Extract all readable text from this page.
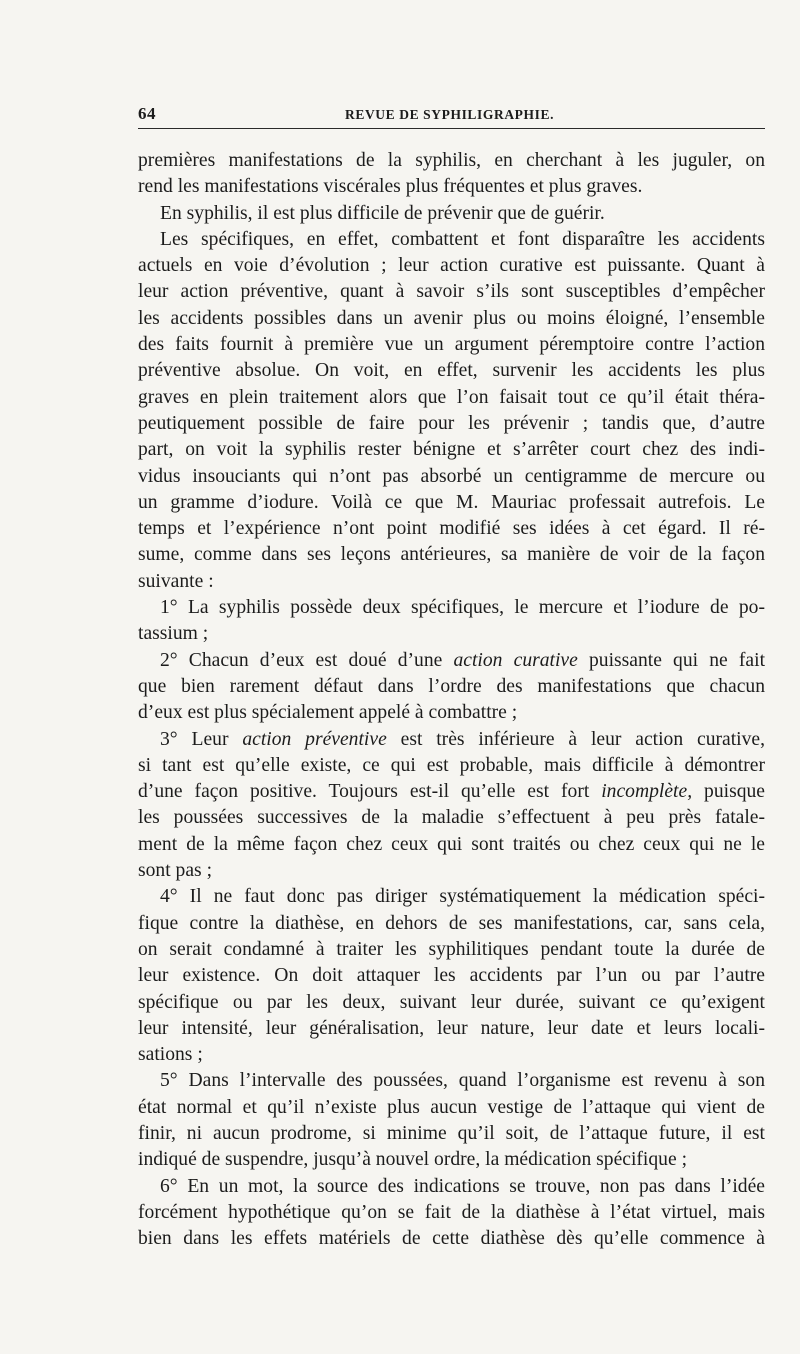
64	REVUE DE SYPHILIGRAPHIE.
premières manifestations de la syphilis, en cherchant à les juguler, on
rend les manifestations viscérales plus fréquentes et plus graves.
En syphilis, il est plus difficile de prévenir que de guérir.
Les spécifiques, en effet, combattent et font disparaître les accidents
actuels en voie d’évolution ; leur action curative est puissante. Quant à
leur action préventive, quant à savoir s’ils sont susceptibles d’empêcher
les accidents possibles dans un avenir plus ou moins éloigné, l’ensemble
des faits fournit à première vue un argument péremptoire contre l’action
préventive absolue. On voit, en effet, survenir les accidents les plus
graves en plein traitement alors que l’on faisait tout ce qu’il était théra-
peutiquement possible de faire pour les prévenir ; tandis que, d’autre
part, on voit la syphilis rester bénigne et s’arrêter court chez des indi-
vidus insouciants qui n’ont pas absorbé un centigramme de mercure ou
un gramme d’iodure. Voilà ce que M. Mauriac professait autrefois. Le
temps et l’expérience n’ont point modifié ses idées à cet égard. Il ré-
sume, comme dans ses leçons antérieures, sa manière de voir de la façon
suivante :
1° La syphilis possède deux spécifiques, le mercure et l’iodure de po-
tassium ;
2° Chacun d’eux est doué d’une action curative puissante qui ne fait
que bien rarement défaut dans l’ordre des manifestations que chacun
d’eux est plus spécialement appelé à combattre ;
3° Leur action préventive est très inférieure à leur action curative,
si tant est qu’elle existe, ce qui est probable, mais difficile à démontrer
d’une façon positive. Toujours est-il qu’elle est fort incomplète, puisque
les poussées successives de la maladie s’effectuent à peu près fatale-
ment de la même façon chez ceux qui sont traités ou chez ceux qui ne le
sont pas ;
4° Il ne faut donc pas diriger systématiquement la médication spéci-
fique contre la diathèse, en dehors de ses manifestations, car, sans cela,
on serait condamné à traiter les syphilitiques pendant toute la durée de
leur existence. On doit attaquer les accidents par l’un ou par l’autre
spécifique ou par les deux, suivant leur durée, suivant ce qu’exigent
leur intensité, leur généralisation, leur nature, leur date et leurs locali-
sations ;
5° Dans l’intervalle des poussées, quand l’organisme est revenu à son
état normal et qu’il n’existe plus aucun vestige de l’attaque qui vient de
finir, ni aucun prodrome, si minime qu’il soit, de l’attaque future, il est
indiqué de suspendre, jusqu’à nouvel ordre, la médication spécifique ;
6° En un mot, la source des indications se trouve, non pas dans l’idée
forcément hypothétique qu’on se fait de la diathèse à l’état virtuel, mais
bien dans les effets matériels de cette diathèse dès qu’elle commence à
